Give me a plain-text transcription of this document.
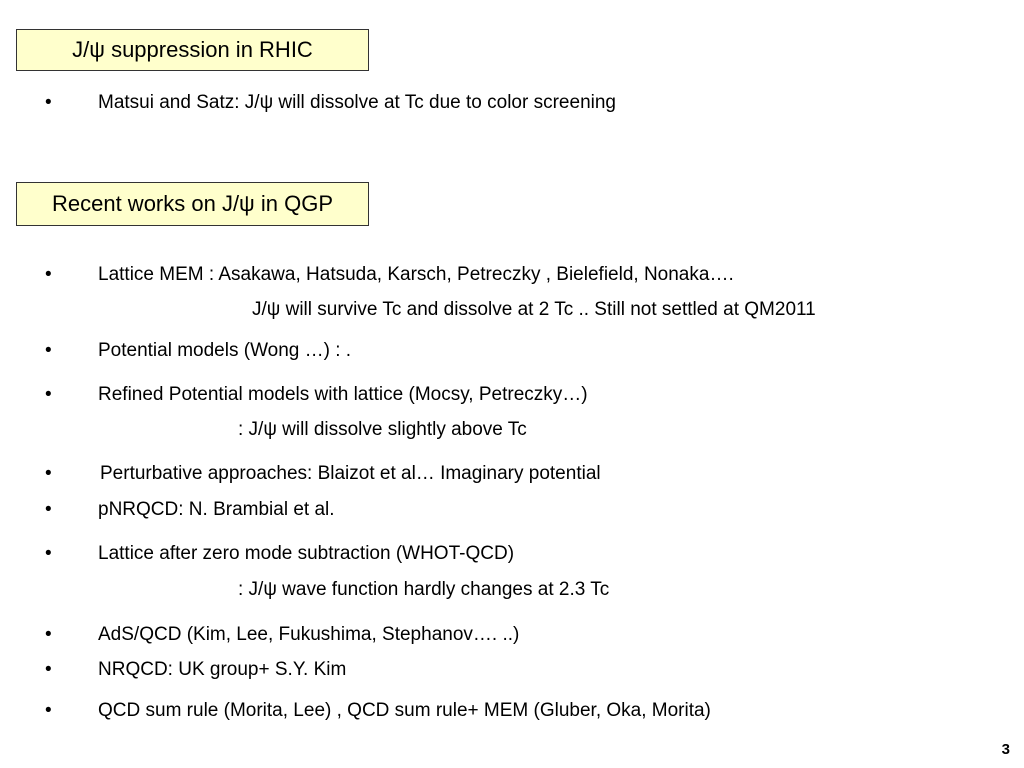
J/ψ suppression in RHIC
• Matsui and Satz: J/ψ will dissolve at Tc due to color screening
Recent works on J/ψ in QGP
• Lattice MEM : Asakawa, Hatsuda, Karsch, Petreczky , Bielefield, Nonaka….
J/ψ will survive Tc and dissolve at 2 Tc .. Still not settled at QM2011
• Potential models (Wong …) : .
• Refined Potential models with lattice (Mocsy, Petreczky…)
: J/ψ will dissolve slightly above Tc
•	Perturbative approaches: Blaizot et al… Imaginary potential
• pNRQCD: N. Brambial et al.
• Lattice after zero mode subtraction (WHOT-QCD)
: J/ψ wave function hardly changes at 2.3 Tc
• AdS/QCD (Kim, Lee, Fukushima, Stephanov…. ..)
• NRQCD: UK group+ S.Y. Kim
• QCD sum rule (Morita, Lee) , QCD sum rule+ MEM (Gluber, Oka, Morita)
3
